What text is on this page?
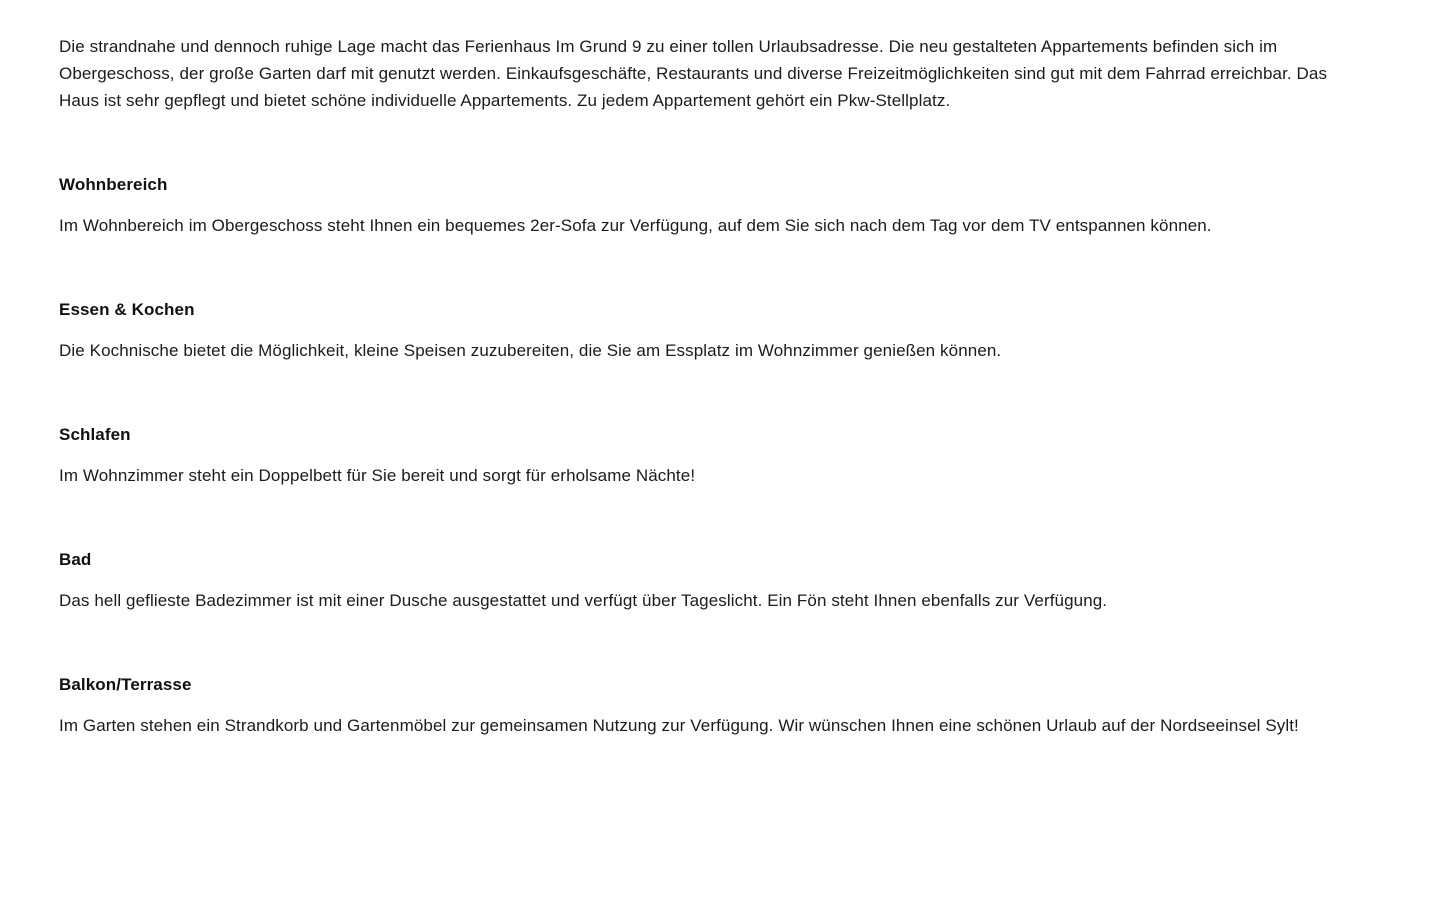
Die strandnahe und dennoch ruhige Lage macht das Ferienhaus Im Grund 9 zu einer tollen Urlaubsadresse. Die neu gestalteten Appartements befinden sich im Obergeschoss, der große Garten darf mit genutzt werden. Einkaufsgeschäfte, Restaurants und diverse Freizeitmöglichkeiten sind gut mit dem Fahrrad erreichbar. Das Haus ist sehr gepflegt und bietet schöne individuelle Appartements. Zu jedem Appartement gehört ein Pkw-Stellplatz.

Wohnbereich

Im Wohnbereich im Obergeschoss steht Ihnen ein bequemes 2er-Sofa zur Verfügung, auf dem Sie sich nach dem Tag vor dem TV entspannen können.

Essen & Kochen

Die Kochnische bietet die Möglichkeit, kleine Speisen zuzubereiten, die Sie am Essplatz im Wohnzimmer genießen können.

Schlafen

Im Wohnzimmer steht ein Doppelbett für Sie bereit und sorgt für erholsame Nächte!

Bad

Das hell geflieste Badezimmer ist mit einer Dusche ausgestattet und verfügt über Tageslicht. Ein Fön steht Ihnen ebenfalls zur Verfügung.

Balkon/Terrasse

Im Garten stehen ein Strandkorb und Gartenmöbel zur gemeinsamen Nutzung zur Verfügung. Wir wünschen Ihnen eine schönen Urlaub auf der Nordseeinsel Sylt!
